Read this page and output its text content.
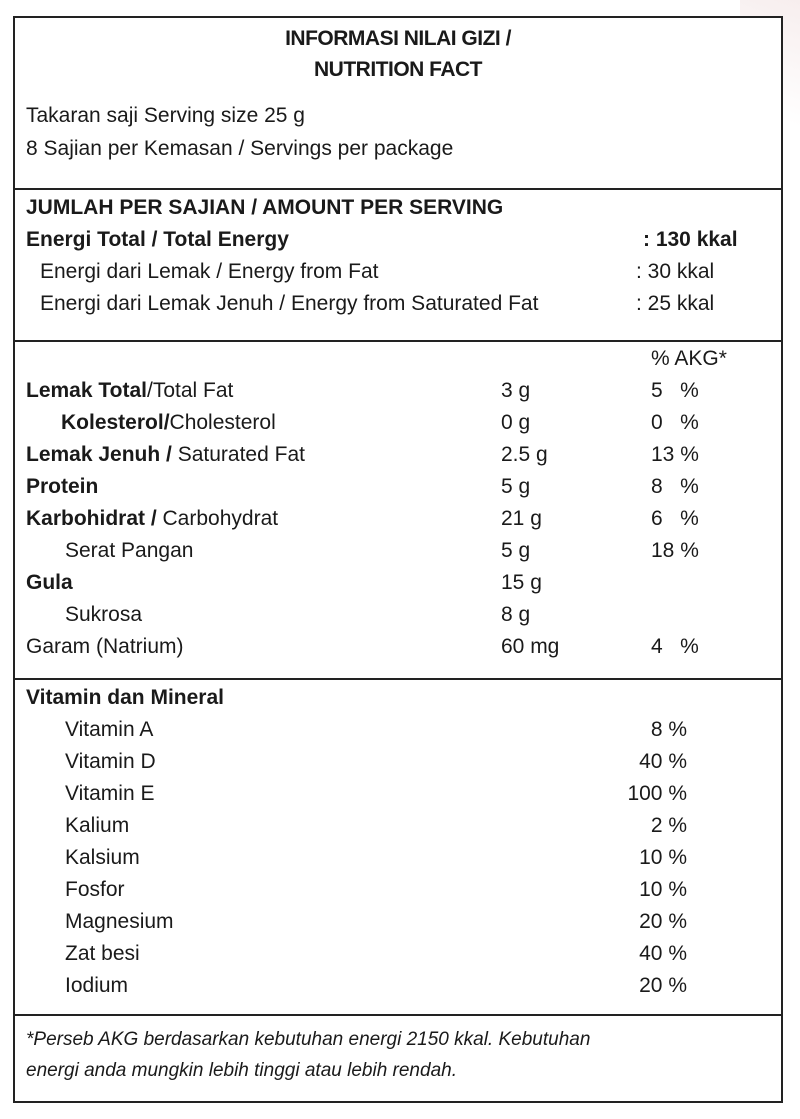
INFORMASI NILAI GIZI /
NUTRITION FACT
Takaran saji Serving size 25 g
8 Sajian per Kemasan / Servings per package
JUMLAH PER SAJIAN / AMOUNT PER SERVING
Energi Total / Total Energy	: 130 kkal
Energi dari Lemak / Energy from Fat	: 30 kkal
Energi dari Lemak Jenuh / Energy from Saturated Fat	: 25 kkal
% AKG*
Lemak Total/Total Fat	3 g	5   %
Kolesterol/Cholesterol	0 g	0   %
Lemak Jenuh / Saturated Fat	2.5 g	13 %
Protein	5 g	8   %
Karbohidrat / Carbohydrat	21 g	6   %
Serat Pangan	5 g	18 %
Gula	15 g
Sukrosa	8 g
Garam (Natrium)	60 mg	4   %
Vitamin dan Mineral
Vitamin A	8 %
Vitamin D	40 %
Vitamin E	100 %
Kalium	2 %
Kalsium	10 %
Fosfor	10 %
Magnesium	20 %
Zat besi	40 %
Iodium	20 %
*Perseb AKG berdasarkan kebutuhan energi 2150 kkal. Kebutuhan
energi anda mungkin lebih tinggi atau lebih rendah.
